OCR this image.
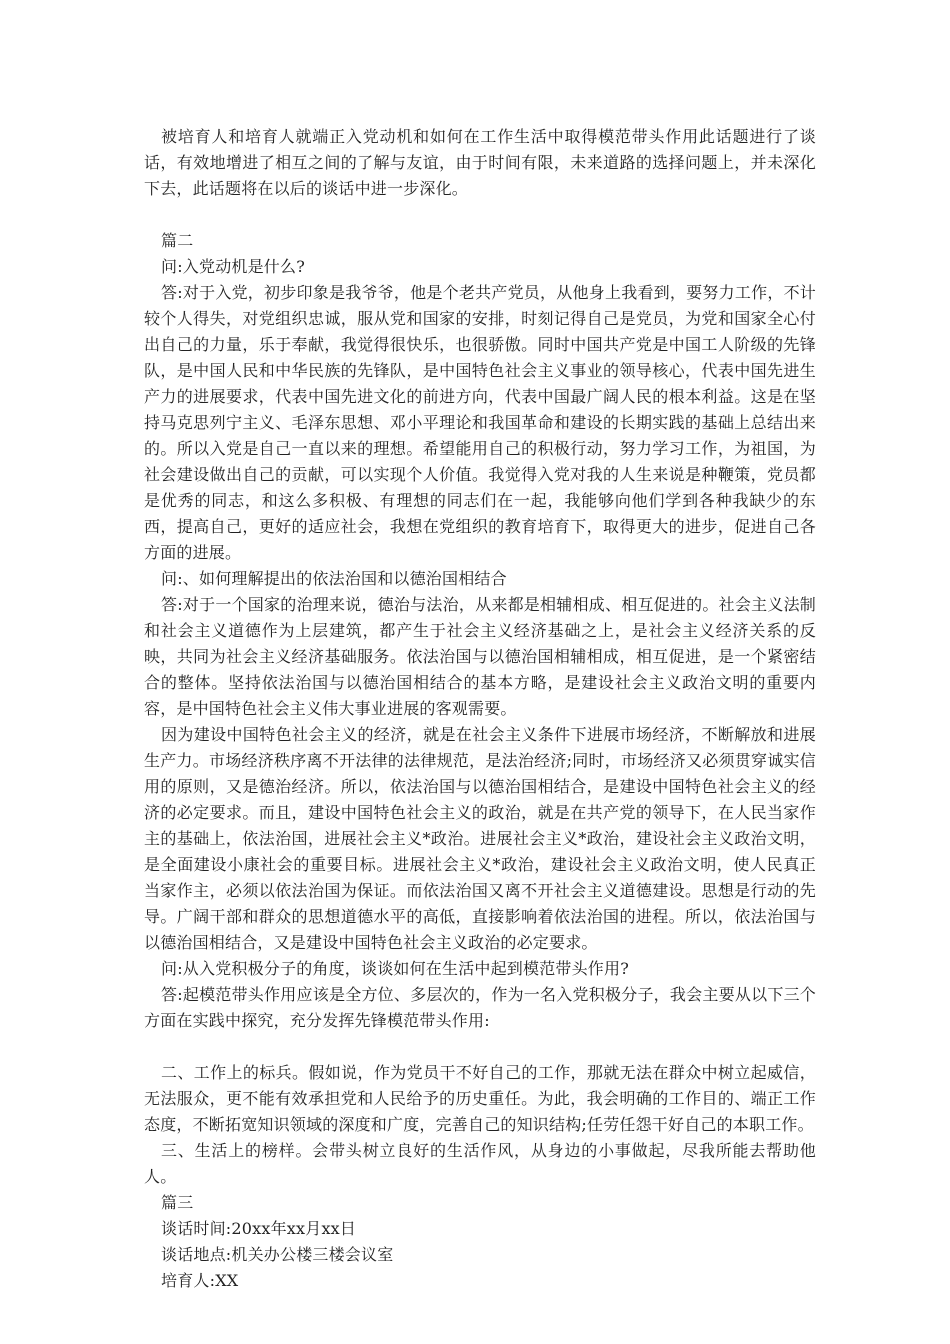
被培育人和培育人就端正入党动机和如何在工作生活中取得模范带头作用此话题进行了谈话，有效地增进了相互之间的了解与友谊，由于时间有限，未来道路的选择问题上，并未深化下去，此话题将在以后的谈话中进一步深化。

篇二

问:入党动机是什么?

答:对于入党，初步印象是我爷爷，他是个老共产党员，从他身上我看到，要努力工作，不计较个人得失，对党组织忠诚，服从党和国家的安排，时刻记得自己是党员，为党和国家全心付出自己的力量，乐于奉献，我觉得很快乐，也很骄傲。同时中国共产党是中国工人阶级的先锋队，是中国人民和中华民族的先锋队，是中国特色社会主义事业的领导核心，代表中国先进生产力的进展要求，代表中国先进文化的前进方向，代表中国最广阔人民的根本利益。这是在坚持马克思列宁主义、毛泽东思想、邓小平理论和我国革命和建设的长期实践的基础上总结出来的。所以入党是自己一直以来的理想。希望能用自己的积极行动，努力学习工作，为祖国，为社会建设做出自己的贡献，可以实现个人价值。我觉得入党对我的人生来说是种鞭策，党员都是优秀的同志，和这么多积极、有理想的同志们在一起，我能够向他们学到各种我缺少的东西，提高自己，更好的适应社会，我想在党组织的教育培育下，取得更大的进步，促进自己各方面的进展。

问:、如何理解提出的依法治国和以德治国相结合

答:对于一个国家的治理来说，德治与法治，从来都是相辅相成、相互促进的。社会主义法制和社会主义道德作为上层建筑，都产生于社会主义经济基础之上，是社会主义经济关系的反映，共同为社会主义经济基础服务。依法治国与以德治国相辅相成，相互促进，是一个紧密结合的整体。坚持依法治国与以德治国相结合的基本方略，是建设社会主义政治文明的重要内容，是中国特色社会主义伟大事业进展的客观需要。

因为建设中国特色社会主义的经济，就是在社会主义条件下进展市场经济，不断解放和进展生产力。市场经济秩序离不开法律的法律规范，是法治经济;同时，市场经济又必须贯穿诚实信用的原则，又是德治经济。所以，依法治国与以德治国相结合，是建设中国特色社会主义的经济的必定要求。而且，建设中国特色社会主义的政治，就是在共产党的领导下，在人民当家作主的基础上，依法治国，进展社会主义*政治。进展社会主义*政治，建设社会主义政治文明，是全面建设小康社会的重要目标。进展社会主义*政治，建设社会主义政治文明，使人民真正当家作主，必须以依法治国为保证。而依法治国又离不开社会主义道德建设。思想是行动的先导。广阔干部和群众的思想道德水平的高低，直接影响着依法治国的进程。所以，依法治国与以德治国相结合，又是建设中国特色社会主义政治的必定要求。

问:从入党积极分子的角度，谈谈如何在生活中起到模范带头作用?

答:起模范带头作用应该是全方位、多层次的，作为一名入党积极分子，我会主要从以下三个方面在实践中探究，充分发挥先锋模范带头作用:

二、工作上的标兵。假如说，作为党员干不好自己的工作，那就无法在群众中树立起威信，无法服众，更不能有效承担党和人民给予的历史重任。为此，我会明确的工作目的、端正工作态度，不断拓宽知识领域的深度和广度，完善自己的知识结构;任劳任怨干好自己的本职工作。

三、生活上的榜样。会带头树立良好的生活作风，从身边的小事做起，尽我所能去帮助他人。

篇三

谈话时间:20xx年xx月xx日

谈话地点:机关办公楼三楼会议室

培育人:XX
